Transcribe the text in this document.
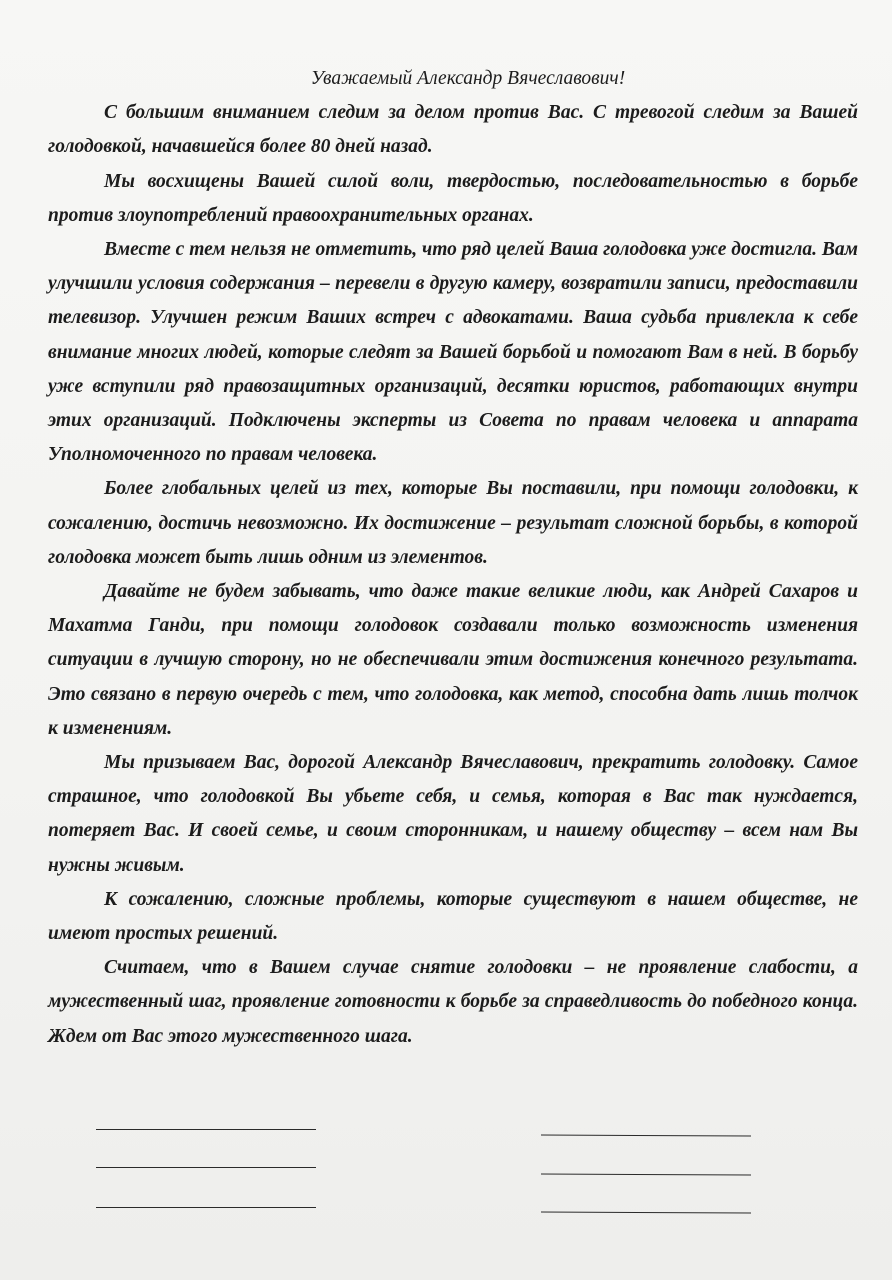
Уважаемый Александр Вячеславович!

С большим вниманием следим за делом против Вас. С тревогой следим за Вашей голодовкой, начавшейся более 80 дней назад.

Мы восхищены Вашей силой воли, твердостью, последовательностью в борьбе против злоупотреблений правоохранительных органах.

Вместе с тем нельзя не отметить, что ряд целей Ваша голодовка уже достигла. Вам улучшили условия содержания – перевели в другую камеру, возвратили записи, предоставили телевизор. Улучшен режим Ваших встреч с адвокатами. Ваша судьба привлекла к себе внимание многих людей, которые следят за Вашей борьбой и помогают Вам в ней. В борьбу уже вступили ряд правозащитных организаций, десятки юристов, работающих внутри этих организаций. Подключены эксперты из Совета по правам человека и аппарата Уполномоченного по правам человека.

Более глобальных целей из тех, которые Вы поставили, при помощи голодовки, к сожалению, достичь невозможно. Их достижение – результат сложной борьбы, в которой голодовка может быть лишь одним из элементов.

Давайте не будем забывать, что даже такие великие люди, как Андрей Сахаров и Махатма Ганди, при помощи голодовок создавали только возможность изменения ситуации в лучшую сторону, но не обеспечивали этим достижения конечного результата. Это связано в первую очередь с тем, что голодовка, как метод, способна дать лишь толчок к изменениям.

Мы призываем Вас, дорогой Александр Вячеславович, прекратить голодовку. Самое страшное, что голодовкой Вы убьете себя, и семья, которая в Вас так нуждается, потеряет Вас. И своей семье, и своим сторонникам, и нашему обществу – всем нам Вы нужны живым.

К сожалению, сложные проблемы, которые существуют в нашем обществе, не имеют простых решений.

Считаем, что в Вашем случае снятие голодовки – не проявление слабости, а мужественный шаг, проявление готовности к борьбе за справедливость до победного конца. Ждем от Вас этого мужественного шага.
